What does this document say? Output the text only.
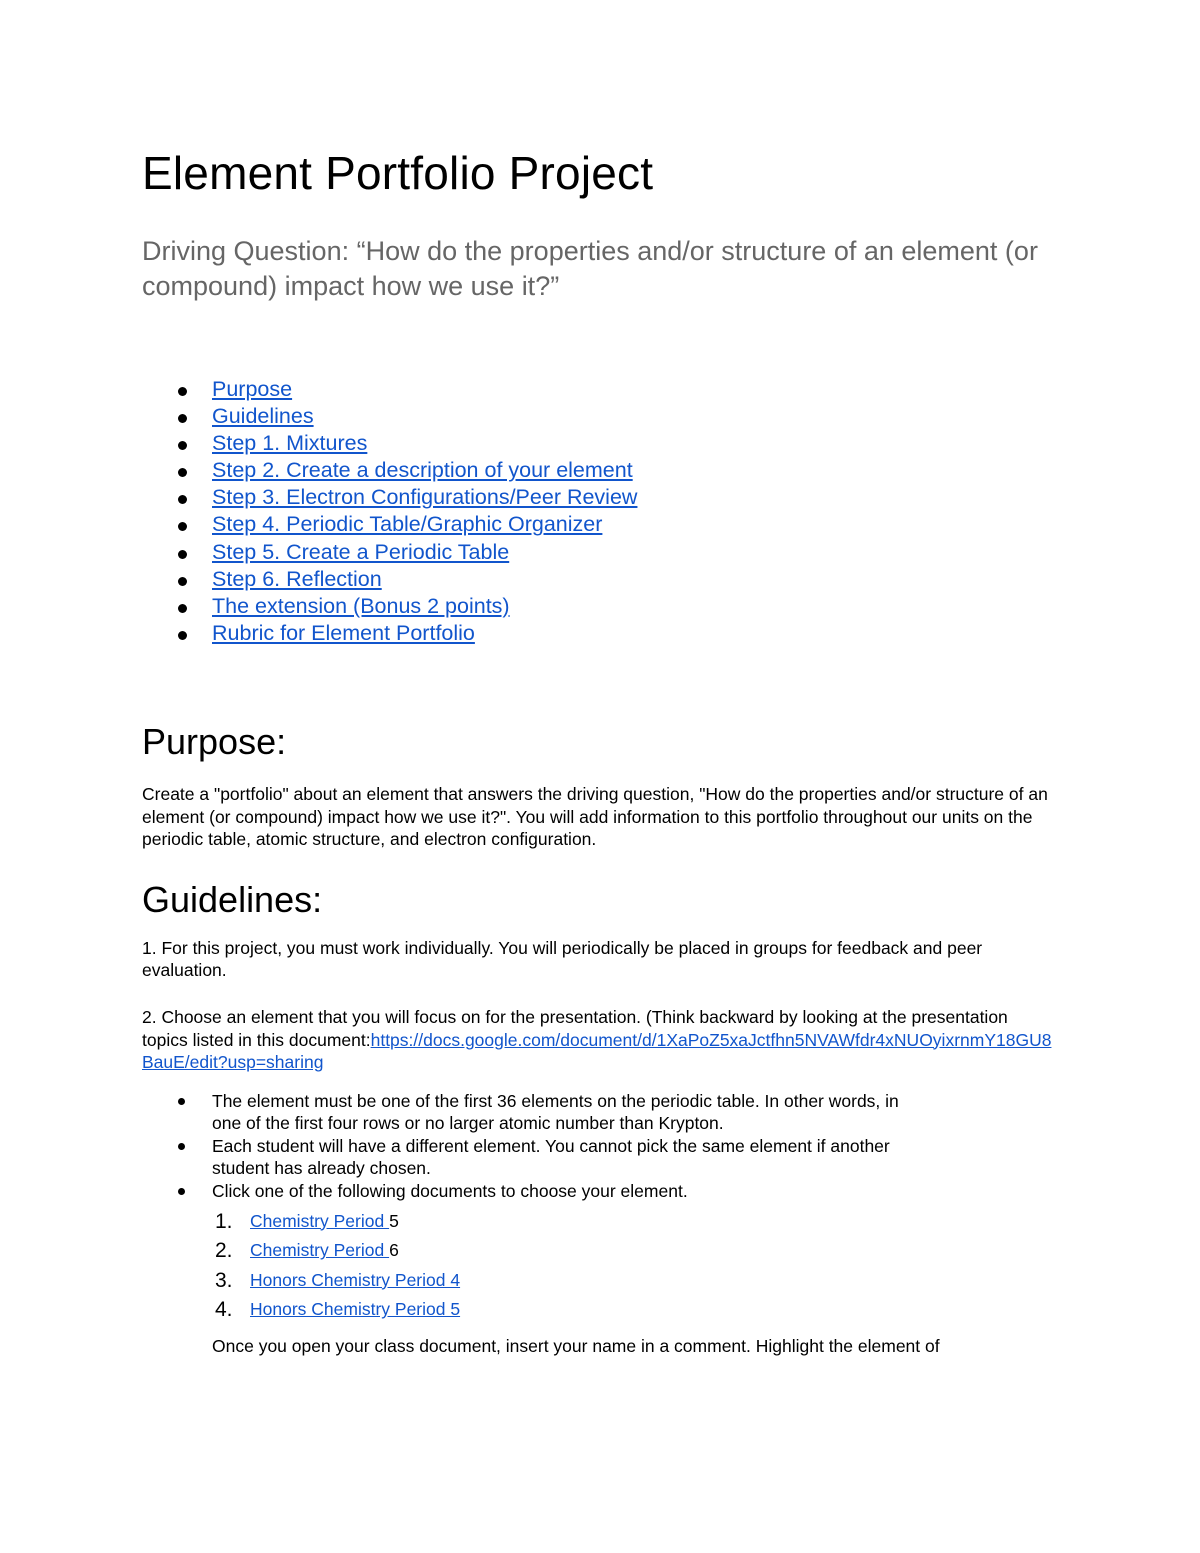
Element Portfolio Project

Driving Question: “How do the properties and/or structure of an element (or compound) impact how we use it?”

Purpose
Guidelines
Step 1. Mixtures
Step 2. Create a description of your element
Step 3. Electron Configurations/Peer Review
Step 4. Periodic Table/Graphic Organizer
Step 5. Create a Periodic Table
Step 6. Reflection
The extension (Bonus 2 points)
Rubric for Element Portfolio
Purpose:

Create a "portfolio" about an element that answers the driving question, "How do the properties and/or structure of an element (or compound) impact how we use it?". You will add information to this portfolio throughout our units on the periodic table, atomic structure, and electron configuration.

Guidelines:

1. For this project, you must work individually. You will periodically be placed in groups for feedback and peer evaluation.

2. Choose an element that you will focus on for the presentation. (Think backward by looking at the presentation topics listed in this document:https://docs.google.com/document/d/1XaPoZ5xaJctfhn5NVAWfdr4xNUOyixrnmY18GU8BauE/edit?usp=sharing

The element must be one of the first 36 elements on the periodic table. In other words, in one of the first four rows or no larger atomic number than Krypton.
Each student will have a different element. You cannot pick the same element if another student has already chosen.
Click one of the following documents to choose your element.
1. Chemistry Period 5
2. Chemistry Period 6
3. Honors Chemistry Period 4
4. Honors Chemistry Period 5

Once you open your class document, insert your name in a comment. Highlight the element of
